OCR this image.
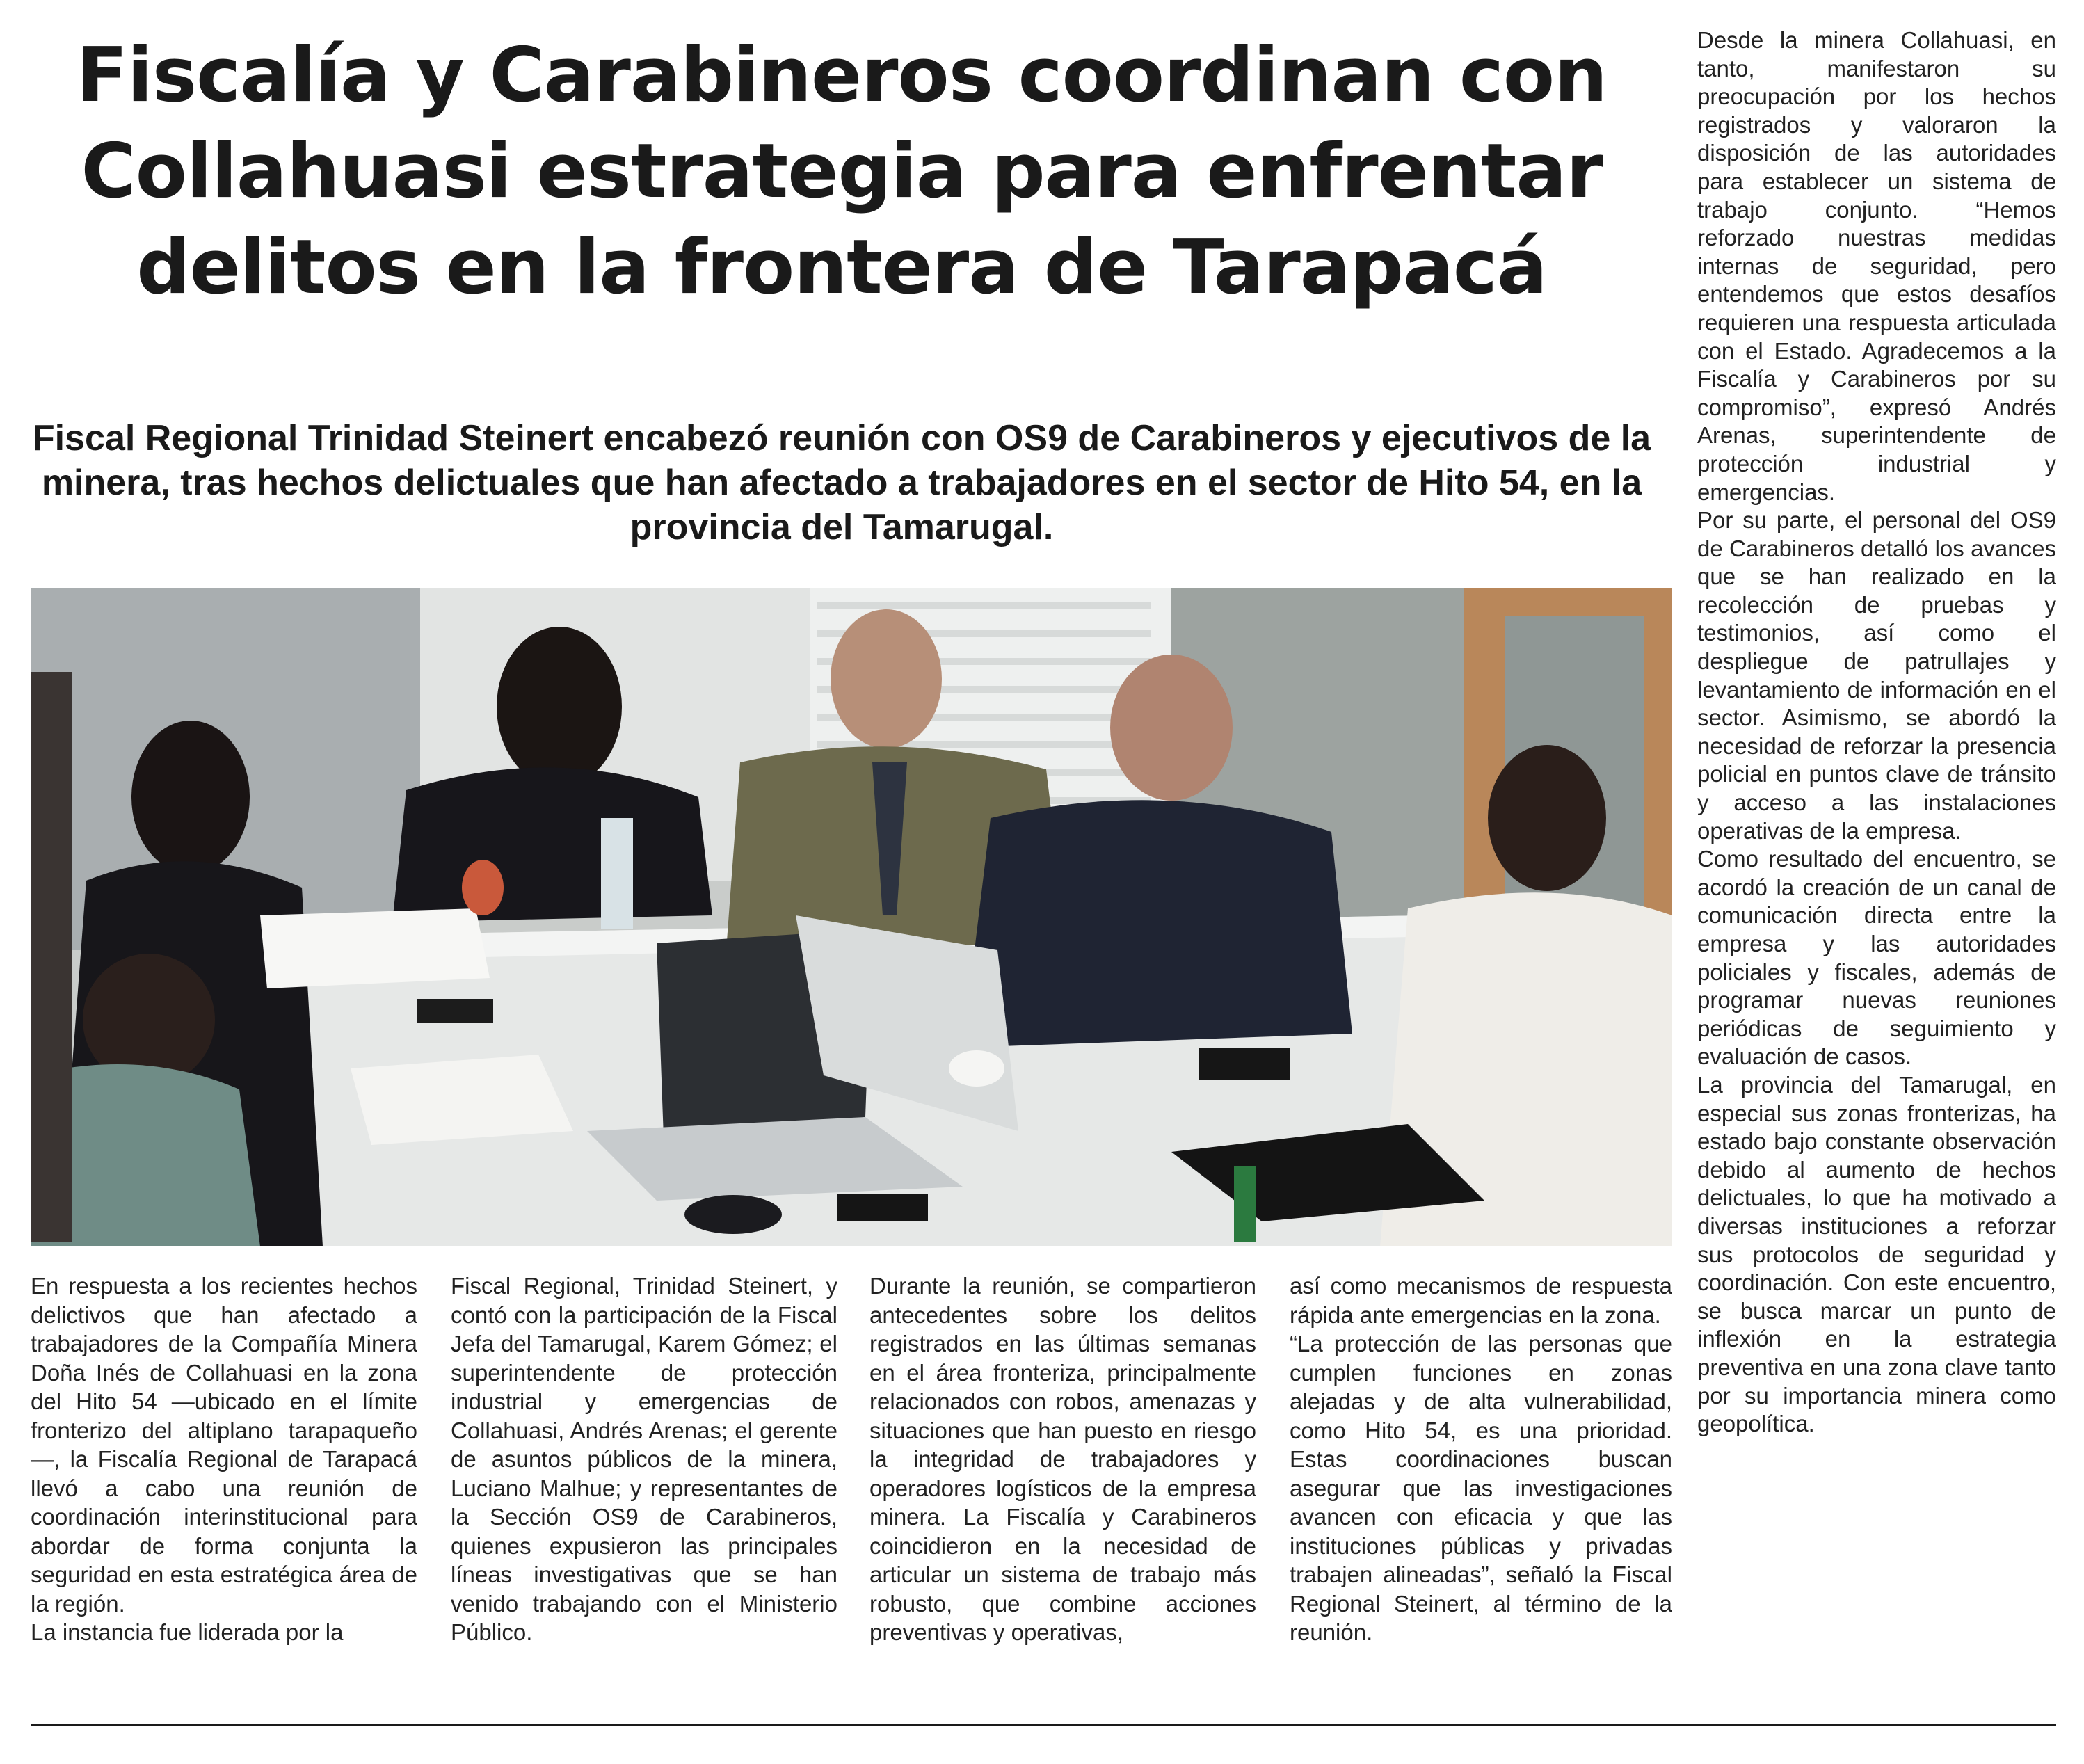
Fiscalía y Carabineros coordinan con Collahuasi estrategia para enfrentar delitos en la frontera de Tarapacá
Fiscal Regional Trinidad Steinert encabezó reunión con OS9 de Carabineros y ejecutivos de la minera, tras hechos delictuales que han afectado a trabajadores en el sector de Hito 54, en la provincia del Tamarugal.

En respuesta a los recientes hechos delictivos que han afectado a trabajadores de la Compañía Minera Doña Inés de Collahuasi en la zona del Hito 54 —ubicado en el límite fronterizo del altiplano tarapaqueño—, la Fiscalía Regional de Tarapacá llevó a cabo una reunión de coordinación interinstitucional para abordar de forma conjunta la seguridad en esta estratégica área de la región.

La instancia fue liderada por la

Fiscal Regional, Trinidad Steinert, y contó con la participación de la Fiscal Jefa del Tamarugal, Karem Gómez; el superintendente de protección industrial y emergencias de Collahuasi, Andrés Arenas; el gerente de asuntos públicos de la minera, Luciano Malhue; y representantes de la Sección OS9 de Carabineros, quienes expusieron las principales líneas investigativas que se han venido trabajando con el Ministerio Público.

Durante la reunión, se compartieron antecedentes sobre los delitos registrados en las últimas semanas en el área fronteriza, principalmente relacionados con robos, amenazas y situaciones que han puesto en riesgo la integridad de trabajadores y operadores logísticos de la empresa minera. La Fiscalía y Carabineros coincidieron en la necesidad de articular un sistema de trabajo más robusto, que combine acciones preventivas y operativas,

así como mecanismos de respuesta rápida ante emergencias en la zona.

“La protección de las personas que cumplen funciones en zonas alejadas y de alta vulnerabilidad, como Hito 54, es una prioridad. Estas coordinaciones buscan asegurar que las investigaciones avancen con eficacia y que las instituciones públicas y privadas trabajen alineadas”, señaló la Fiscal Regional Steinert, al término de la reunión.

Desde la minera Collahuasi, en tanto, manifestaron su preocupación por los hechos registrados y valoraron la disposición de las autoridades para establecer un sistema de trabajo conjunto. “Hemos reforzado nuestras medidas internas de seguridad, pero entendemos que estos desafíos requieren una respuesta articulada con el Estado. Agradecemos a la Fiscalía y Carabineros por su compromiso”, expresó Andrés Arenas, superintendente de protección industrial y emergencias.

Por su parte, el personal del OS9 de Carabineros detalló los avances que se han realizado en la recolección de pruebas y testimonios, así como el despliegue de patrullajes y levantamiento de información en el sector. Asimismo, se abordó la necesidad de reforzar la presencia policial en puntos clave de tránsito y acceso a las instalaciones operativas de la empresa.

Como resultado del encuentro, se acordó la creación de un canal de comunicación directa entre la empresa y las autoridades policiales y fiscales, además de programar nuevas reuniones periódicas de seguimiento y evaluación de casos.

La provincia del Tamarugal, en especial sus zonas fronterizas, ha estado bajo constante observación debido al aumento de hechos delictuales, lo que ha motivado a diversas instituciones a reforzar sus protocolos de seguridad y coordinación. Con este encuentro, se busca marcar un punto de inflexión en la estrategia preventiva en una zona clave tanto por su importancia minera como geopolítica.
